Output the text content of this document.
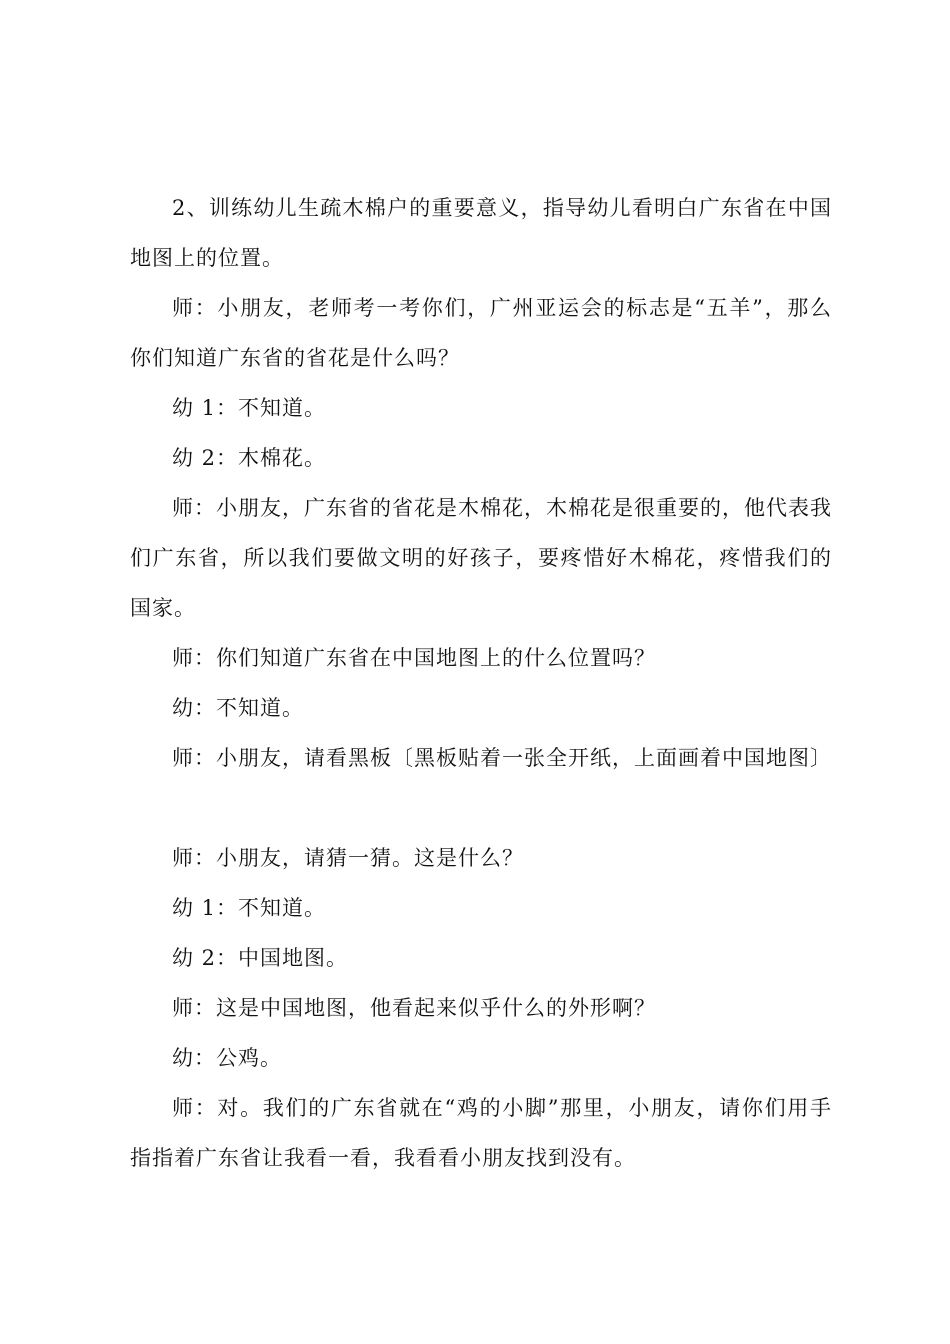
2、训练幼儿生疏木棉户的重要意义，指导幼儿看明白广东省在中国地图上的位置。

师：小朋友，老师考一考你们，广州亚运会的标志是“五羊”，那么你们知道广东省的省花是什么吗？

幼 1：不知道。

幼 2：木棉花。

师：小朋友，广东省的省花是木棉花，木棉花是很重要的，他代表我们广东省，所以我们要做文明的好孩子，要疼惜好木棉花，疼惜我们的国家。

师：你们知道广东省在中国地图上的什么位置吗？

幼：不知道。

师：小朋友，请看黑板〔黑板贴着一张全开纸，上面画着中国地图〕

师：小朋友，请猜一猜。这是什么？

幼 1：不知道。

幼 2：中国地图。

师：这是中国地图，他看起来似乎什么的外形啊？

幼：公鸡。

师：对。我们的广东省就在“鸡的小脚”那里，小朋友，请你们用手指指着广东省让我看一看，我看看小朋友找到没有。
